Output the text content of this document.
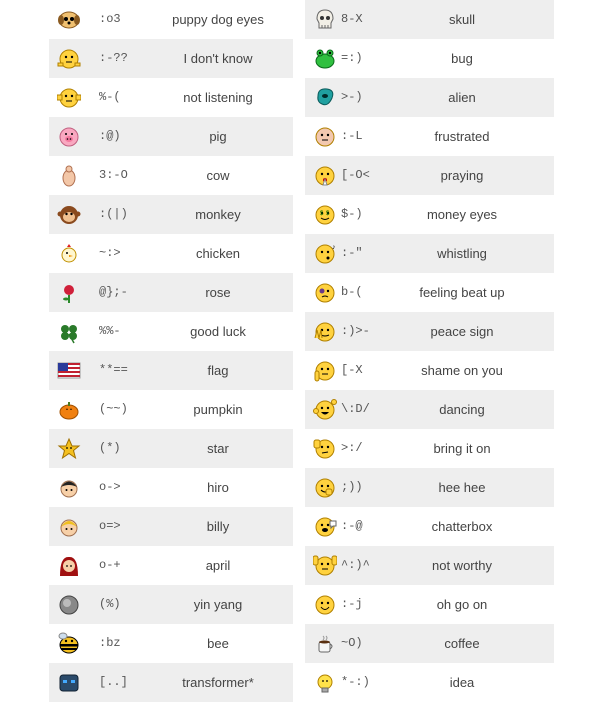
:o3	puppy dog eyes
:-??	I don't know
%-(	not listening
:@)	pig
3:-O	cow
:(|)	monkey
~:>	chicken
@};-	rose
%%-	good luck
**==	flag
(~~)	pumpkin
(*)	star
o->	hiro
o=>	billy
o-+	april
(%)	yin yang
:bz	bee
[..]	transformer*
8-X	skull
=:)	bug
>-)	alien
:-L	frustrated
[-O<	praying
$ $ $-)	money eyes
♪ :-"	whistling
b-(	feeling beat up
:)>-	peace sign
[-X	shame on you
\:D/	dancing
>:/	bring it on
;))	hee hee
:-@	chatterbox
^:)^	not worthy
:-j	oh go on
~O)	coffee
*-:)	idea
